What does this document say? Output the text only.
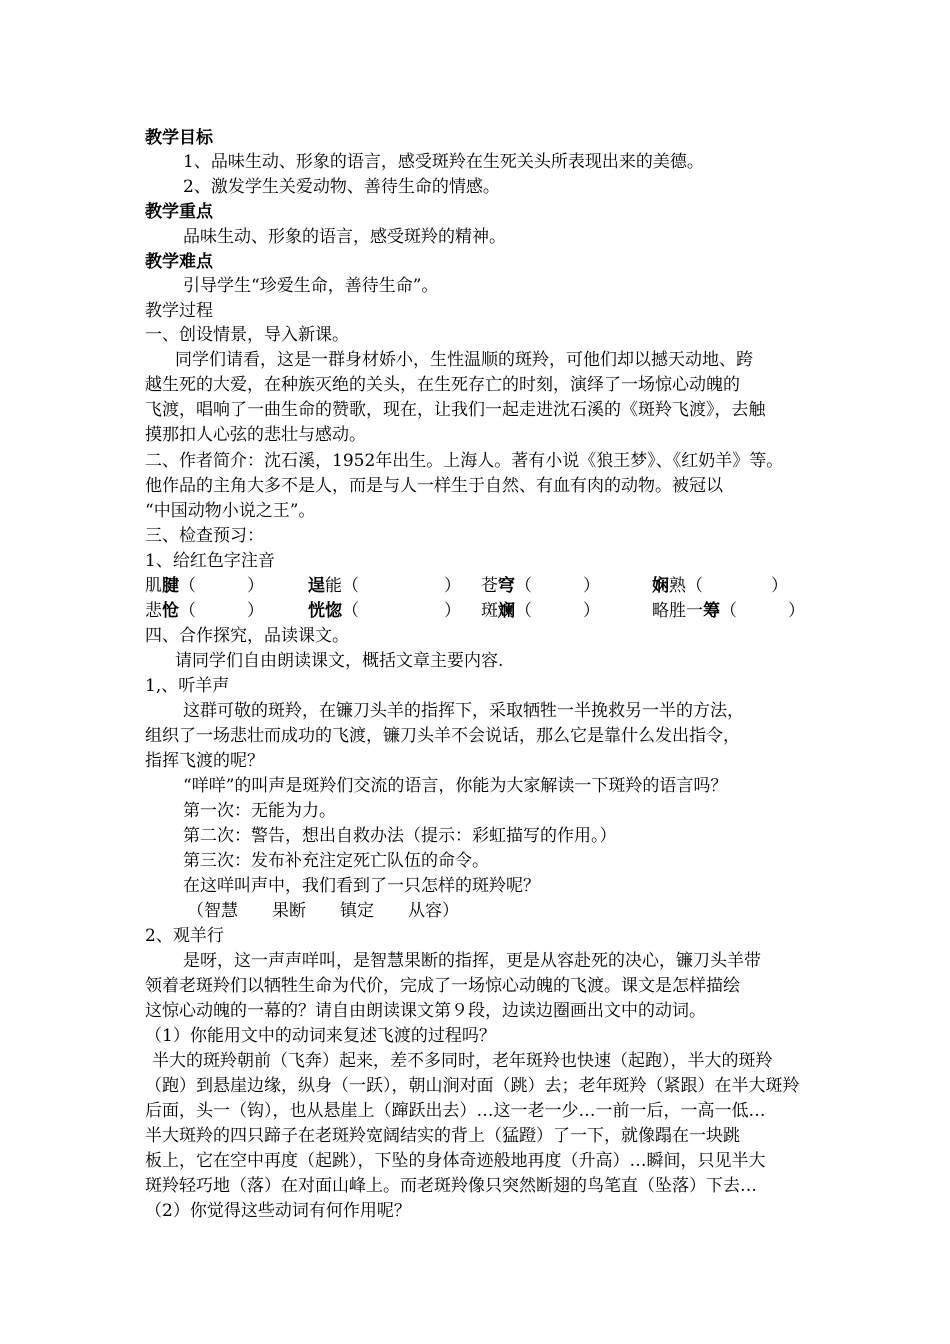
教学目标
1、品味生动、形象的语言，感受斑羚在生死关头所表现出来的美德。
2、激发学生关爱动物、善待生命的情感。
教学重点
品味生动、形象的语言，感受斑羚的精神。
教学难点
引导学生“珍爱生命，善待生命”。
教学过程
一、创设情景，导入新课。
同学们请看，这是一群身材娇小，生性温顺的斑羚，可他们却以撼天动地、跨
越生死的大爱，在种族灭绝的关头，在生死存亡的时刻，演绎了一场惊心动魄的
飞渡，唱响了一曲生命的赞歌，现在，让我们一起走进沈石溪的《斑羚飞渡》，去触
摸那扣人心弦的悲壮与感动。
二、作者简介：沈石溪，1952年出生。上海人。著有小说《狼王梦》、《红奶羊》等。
他作品的主角大多不是人，而是与人一样生于自然、有血有肉的动物。被冠以
“中国动物小说之王”。
三、检查预习：
1、给红色字注音
肌腱（　　　）	逞能（　　　　　） 苍穹（　　　）	娴熟（　　　　）
悲怆（　　　）	恍惚（　　　　　） 斑斓（　　　）	略胜一筹（　　　）
四、合作探究，品读课文。
请同学们自由朗读课文，概括文章主要内容.
1,、听羊声
这群可敬的斑羚，在镰刀头羊的指挥下，采取牺牲一半挽救另一半的方法，
组织了一场悲壮而成功的飞渡，镰刀头羊不会说话，那么它是靠什么发出指令，
指挥飞渡的呢？
“咩咩”的叫声是斑羚们交流的语言，你能为大家解读一下斑羚的语言吗？
第一次：无能为力。
第二次：警告，想出自救办法（提示：彩虹描写的作用。）
第三次：发布补充注定死亡队伍的命令。
在这咩叫声中，我们看到了一只怎样的斑羚呢？
（智慧　　果断　　镇定　　从容）
2、观羊行
是呀，这一声声咩叫，是智慧果断的指挥，更是从容赴死的决心，镰刀头羊带
领着老斑羚们以牺牲生命为代价，完成了一场惊心动魄的飞渡。课文是怎样描绘
这惊心动魄的一幕的？请自由朗读课文第９段，边读边圈画出文中的动词。
（1）你能用文中的动词来复述飞渡的过程吗？
半大的斑羚朝前（飞奔）起来，差不多同时，老年斑羚也快速（起跑），半大的斑羚
（跑）到悬崖边缘，纵身（一跃），朝山涧对面（跳）去；老年斑羚（紧跟）在半大斑羚
后面，头一（钩），也从悬崖上（蹿跃出去）…这一老一少…一前一后，一高一低…
半大斑羚的四只蹄子在老斑羚宽阔结实的背上（猛蹬）了一下，就像蹋在一块跳
板上，它在空中再度（起跳），下坠的身体奇迹般地再度（升高）…瞬间，只见半大
斑羚轻巧地（落）在对面山峰上。而老斑羚像只突然断翅的鸟笔直（坠落）下去…
（2）你觉得这些动词有何作用呢？
